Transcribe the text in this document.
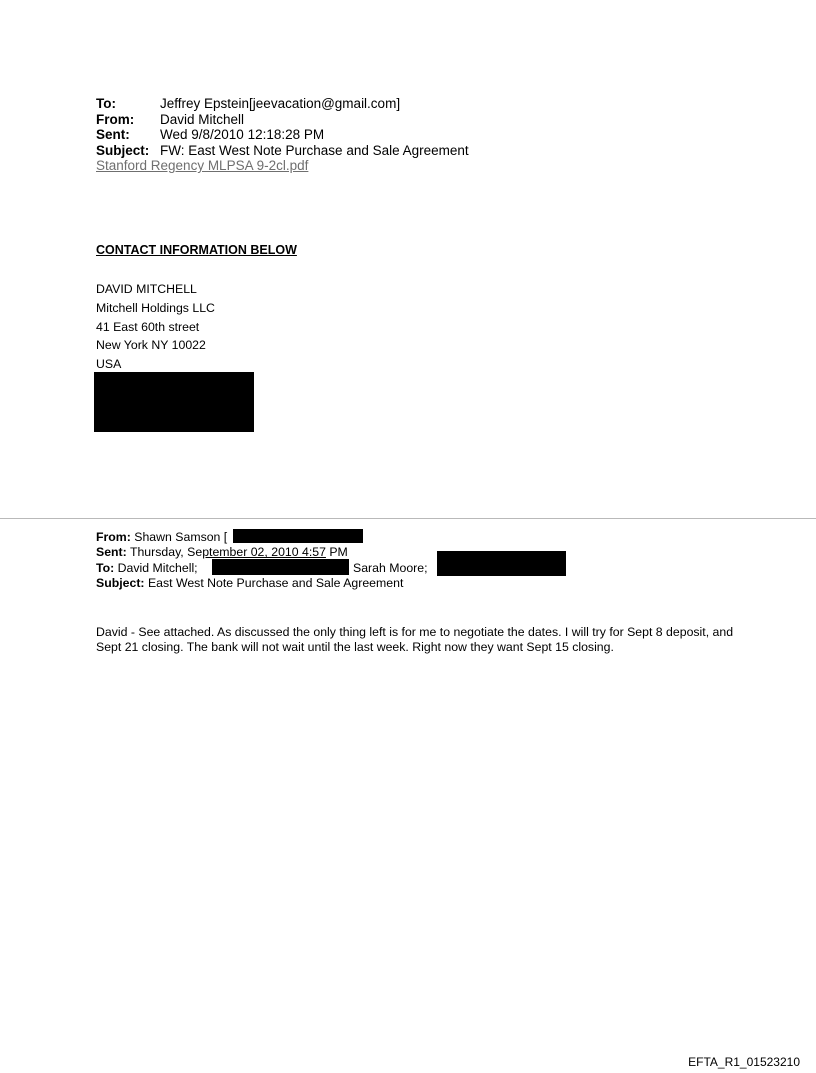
To:	Jeffrey Epstein[jeevacation@gmail.com]
From:	David Mitchell
Sent:	Wed 9/8/2010 12:18:28 PM
Subject: FW: East West Note Purchase and Sale Agreement
Stanford Regency MLPSA 9-2cl.pdf
CONTACT INFORMATION BELOW
DAVID MITCHELL
Mitchell Holdings LLC
41 East 60th street
New York NY 10022
USA
From: Shawn Samson [
Sent: Thursday, September 02, 2010 4:57 PM
To: David Mitchell;	Sarah Moore;
Subject: East West Note Purchase and Sale Agreement
David - See attached. As discussed the only thing left is for me to negotiate the dates. I will try for Sept 8 deposit, and Sept 21 closing. The bank will not wait until the last week. Right now they want Sept 15 closing.
EFTA_R1_01523210
